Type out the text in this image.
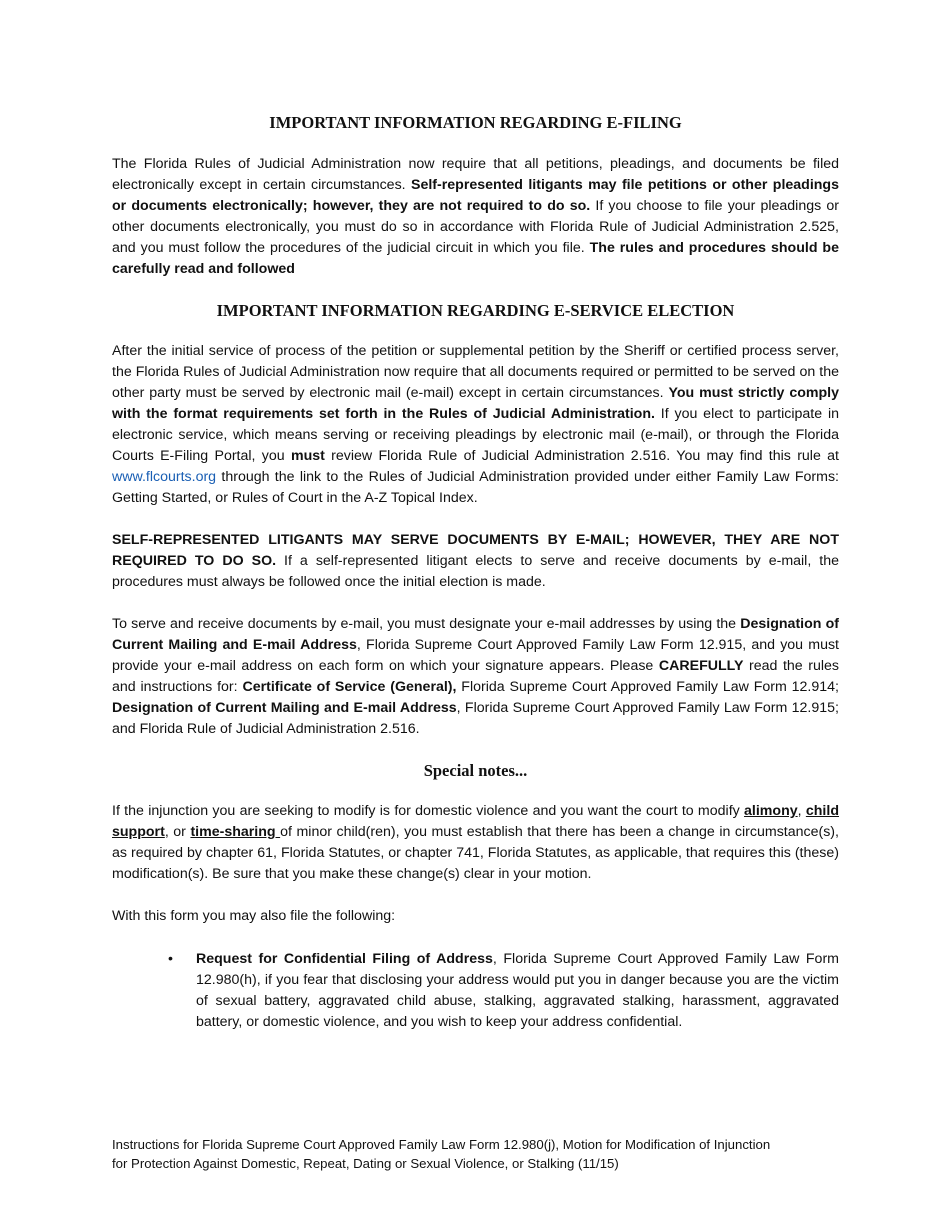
IMPORTANT INFORMATION REGARDING E-FILING

The Florida Rules of Judicial Administration now require that all petitions, pleadings, and documents be filed electronically except in certain circumstances. Self-represented litigants may file petitions or other pleadings or documents electronically; however, they are not required to do so. If you choose to file your pleadings or other documents electronically, you must do so in accordance with Florida Rule of Judicial Administration 2.525, and you must follow the procedures of the judicial circuit in which you file. The rules and procedures should be carefully read and followed

IMPORTANT INFORMATION REGARDING E-SERVICE ELECTION

After the initial service of process of the petition or supplemental petition by the Sheriff or certified process server, the Florida Rules of Judicial Administration now require that all documents required or permitted to be served on the other party must be served by electronic mail (e-mail) except in certain circumstances. You must strictly comply with the format requirements set forth in the Rules of Judicial Administration. If you elect to participate in electronic service, which means serving or receiving pleadings by electronic mail (e-mail), or through the Florida Courts E-Filing Portal, you must review Florida Rule of Judicial Administration 2.516. You may find this rule at www.flcourts.org through the link to the Rules of Judicial Administration provided under either Family Law Forms: Getting Started, or Rules of Court in the A-Z Topical Index.

SELF-REPRESENTED LITIGANTS MAY SERVE DOCUMENTS BY E-MAIL; HOWEVER, THEY ARE NOT REQUIRED TO DO SO. If a self-represented litigant elects to serve and receive documents by e-mail, the procedures must always be followed once the initial election is made.

To serve and receive documents by e-mail, you must designate your e-mail addresses by using the Designation of Current Mailing and E-mail Address, Florida Supreme Court Approved Family Law Form 12.915, and you must provide your e-mail address on each form on which your signature appears. Please CAREFULLY read the rules and instructions for: Certificate of Service (General), Florida Supreme Court Approved Family Law Form 12.914; Designation of Current Mailing and E-mail Address, Florida Supreme Court Approved Family Law Form 12.915; and Florida Rule of Judicial Administration 2.516.

Special notes...

If the injunction you are seeking to modify is for domestic violence and you want the court to modify alimony, child support, or time-sharing of minor child(ren), you must establish that there has been a change in circumstance(s), as required by chapter 61, Florida Statutes, or chapter 741, Florida Statutes, as applicable, that requires this (these) modification(s). Be sure that you make these change(s) clear in your motion.

With this form you may also file the following:

• Request for Confidential Filing of Address, Florida Supreme Court Approved Family Law Form 12.980(h), if you fear that disclosing your address would put you in danger because you are the victim of sexual battery, aggravated child abuse, stalking, aggravated stalking, harassment, aggravated battery, or domestic violence, and you wish to keep your address confidential.
Instructions for Florida Supreme Court Approved Family Law Form 12.980(j), Motion for Modification of Injunction
for Protection Against Domestic, Repeat, Dating or Sexual Violence, or Stalking (11/15)
